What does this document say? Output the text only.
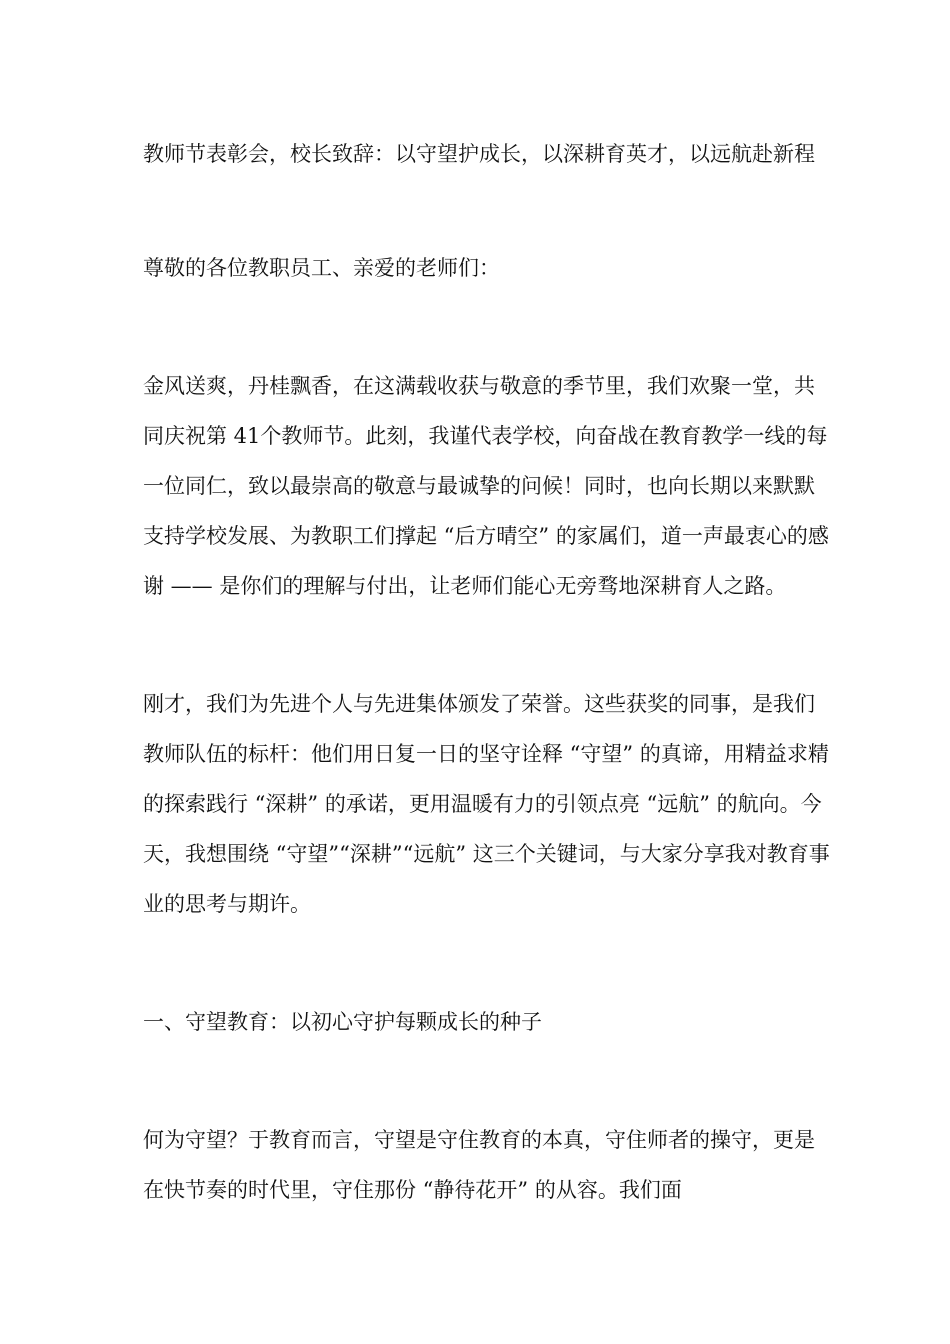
教师节表彰会，校长致辞：以守望护成长，以深耕育英才，以远航赴新程

尊敬的各位教职员工、亲爱的老师们：

金风送爽，丹桂飘香，在这满载收获与敬意的季节里，我们欢聚一堂，共同庆祝第 41个教师节。此刻，我谨代表学校，向奋战在教育教学一线的每一位同仁，致以最崇高的敬意与最诚挚的问候！同时，也向长期以来默默支持学校发展、为教职工们撑起 “后方晴空” 的家属们，道一声最衷心的感谢 —— 是你们的理解与付出，让老师们能心无旁骛地深耕育人之路。

刚才，我们为先进个人与先进集体颁发了荣誉。这些获奖的同事，是我们教师队伍的标杆：他们用日复一日的坚守诠释 “守望” 的真谛，用精益求精的探索践行 “深耕” 的承诺，更用温暖有力的引领点亮 “远航” 的航向。今天，我想围绕 “守望”“深耕”“远航” 这三个关键词，与大家分享我对教育事业的思考与期许。

一、守望教育：以初心守护每颗成长的种子

何为守望？于教育而言，守望是守住教育的本真，守住师者的操守，更是在快节奏的时代里，守住那份 “静待花开” 的从容。我们面
